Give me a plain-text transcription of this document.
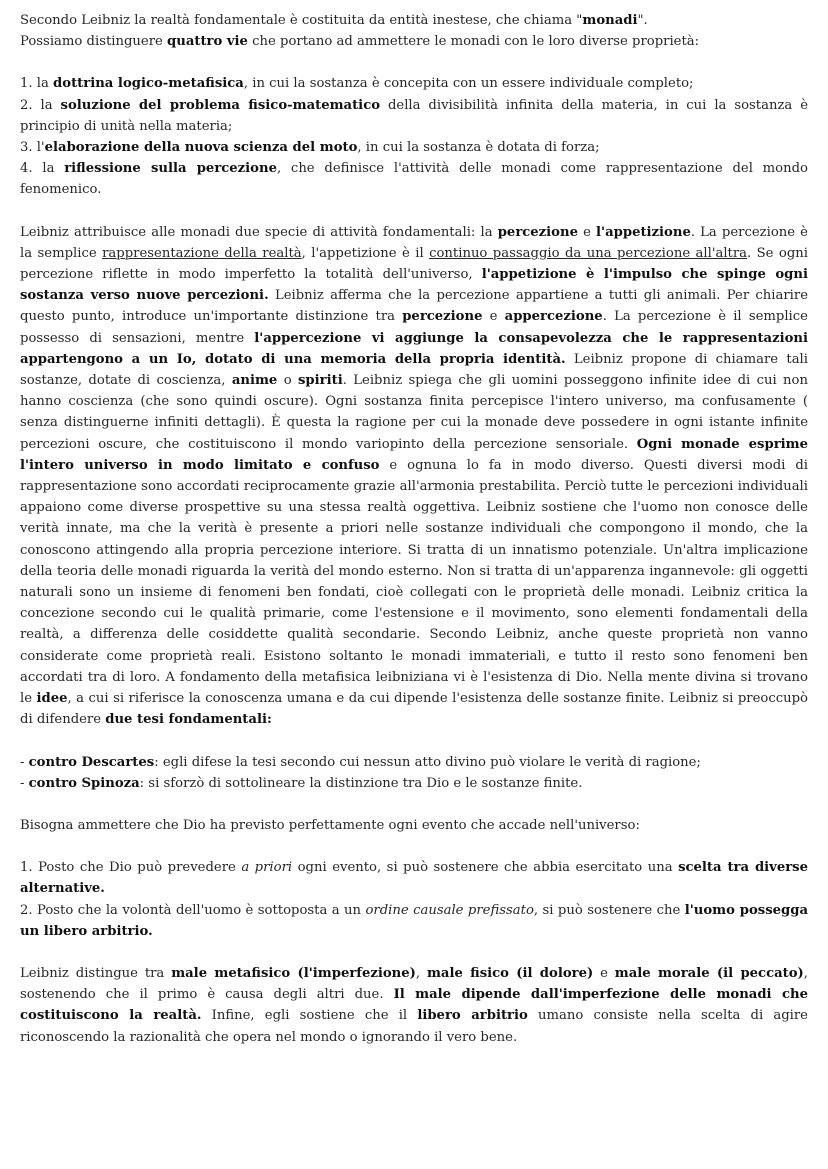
Secondo Leibniz la realtà fondamentale è costituita da entità inestese, che chiama "monadi".

Possiamo distinguere quattro vie che portano ad ammettere le monadi con le loro diverse proprietà:

1. la dottrina logico-metafisica, in cui la sostanza è concepita con un essere individuale completo;

2. la soluzione del problema fisico-matematico della divisibilità infinita della materia, in cui la sostanza è principio di unità nella materia;

3. l'elaborazione della nuova scienza del moto, in cui la sostanza è dotata di forza;

4. la riflessione sulla percezione, che definisce l'attività delle monadi come rappresentazione del mondo fenomenico.

Leibniz attribuisce alle monadi due specie di attività fondamentali: la percezione e l'appetizione. La percezione è la semplice rappresentazione della realtà, l'appetizione è il continuo passaggio da una percezione all'altra. Se ogni percezione riflette in modo imperfetto la totalità dell'universo, l'appetizione è l'impulso che spinge ogni sostanza verso nuove percezioni. Leibniz afferma che la percezione appartiene a tutti gli animali. Per chiarire questo punto, introduce un'importante distinzione tra percezione e appercezione. La percezione è il semplice possesso di sensazioni, mentre l'appercezione vi aggiunge la consapevolezza che le rappresentazioni appartengono a un Io, dotato di una memoria della propria identità. Leibniz propone di chiamare tali sostanze, dotate di coscienza, anime o spiriti. Leibniz spiega che gli uomini posseggono infinite idee di cui non hanno coscienza (che sono quindi oscure). Ogni sostanza finita percepisce l'intero universo, ma confusamente ( senza distinguerne infiniti dettagli). È questa la ragione per cui la monade deve possedere in ogni istante infinite percezioni oscure, che costituiscono il mondo variopinto della percezione sensoriale. Ogni monade esprime l'intero universo in modo limitato e confuso e ognuna lo fa in modo diverso. Questi diversi modi di rappresentazione sono accordati reciprocamente grazie all'armonia prestabilita. Perciò tutte le percezioni individuali appaiono come diverse prospettive su una stessa realtà oggettiva. Leibniz sostiene che l'uomo non conosce delle verità innate, ma che la verità è presente a priori nelle sostanze individuali che compongono il mondo, che la conoscono attingendo alla propria percezione interiore. Si tratta di un innatismo potenziale. Un'altra implicazione della teoria delle monadi riguarda la verità del mondo esterno. Non si tratta di un'apparenza ingannevole: gli oggetti naturali sono un insieme di fenomeni ben fondati, cioè collegati con le proprietà delle monadi. Leibniz critica la concezione secondo cui le qualità primarie, come l'estensione e il movimento, sono elementi fondamentali della realtà, a differenza delle cosiddette qualità secondarie. Secondo Leibniz, anche queste proprietà non vanno considerate come proprietà reali. Esistono soltanto le monadi immateriali, e tutto il resto sono fenomeni ben accordati tra di loro. A fondamento della metafisica leibniziana vi è l'esistenza di Dio. Nella mente divina si trovano le idee, a cui si riferisce la conoscenza umana e da cui dipende l'esistenza delle sostanze finite. Leibniz si preoccupò di difendere due tesi fondamentali:

- contro Descartes: egli difese la tesi secondo cui nessun atto divino può violare le verità di ragione;

- contro Spinoza: si sforzò di sottolineare la distinzione tra Dio e le sostanze finite.

Bisogna ammettere che Dio ha previsto perfettamente ogni evento che accade nell'universo:

1. Posto che Dio può prevedere a priori ogni evento, si può sostenere che abbia esercitato una scelta tra diverse alternative.

2. Posto che la volontà dell'uomo è sottoposta a un ordine causale prefissato, si può sostenere che l'uomo possegga un libero arbitrio.

Leibniz distingue tra male metafisico (l'imperfezione), male fisico (il dolore) e male morale (il peccato), sostenendo che il primo è causa degli altri due. Il male dipende dall'imperfezione delle monadi che costituiscono la realtà. Infine, egli sostiene che il libero arbitrio umano consiste nella scelta di agire riconoscendo la razionalità che opera nel mondo o ignorando il vero bene.
